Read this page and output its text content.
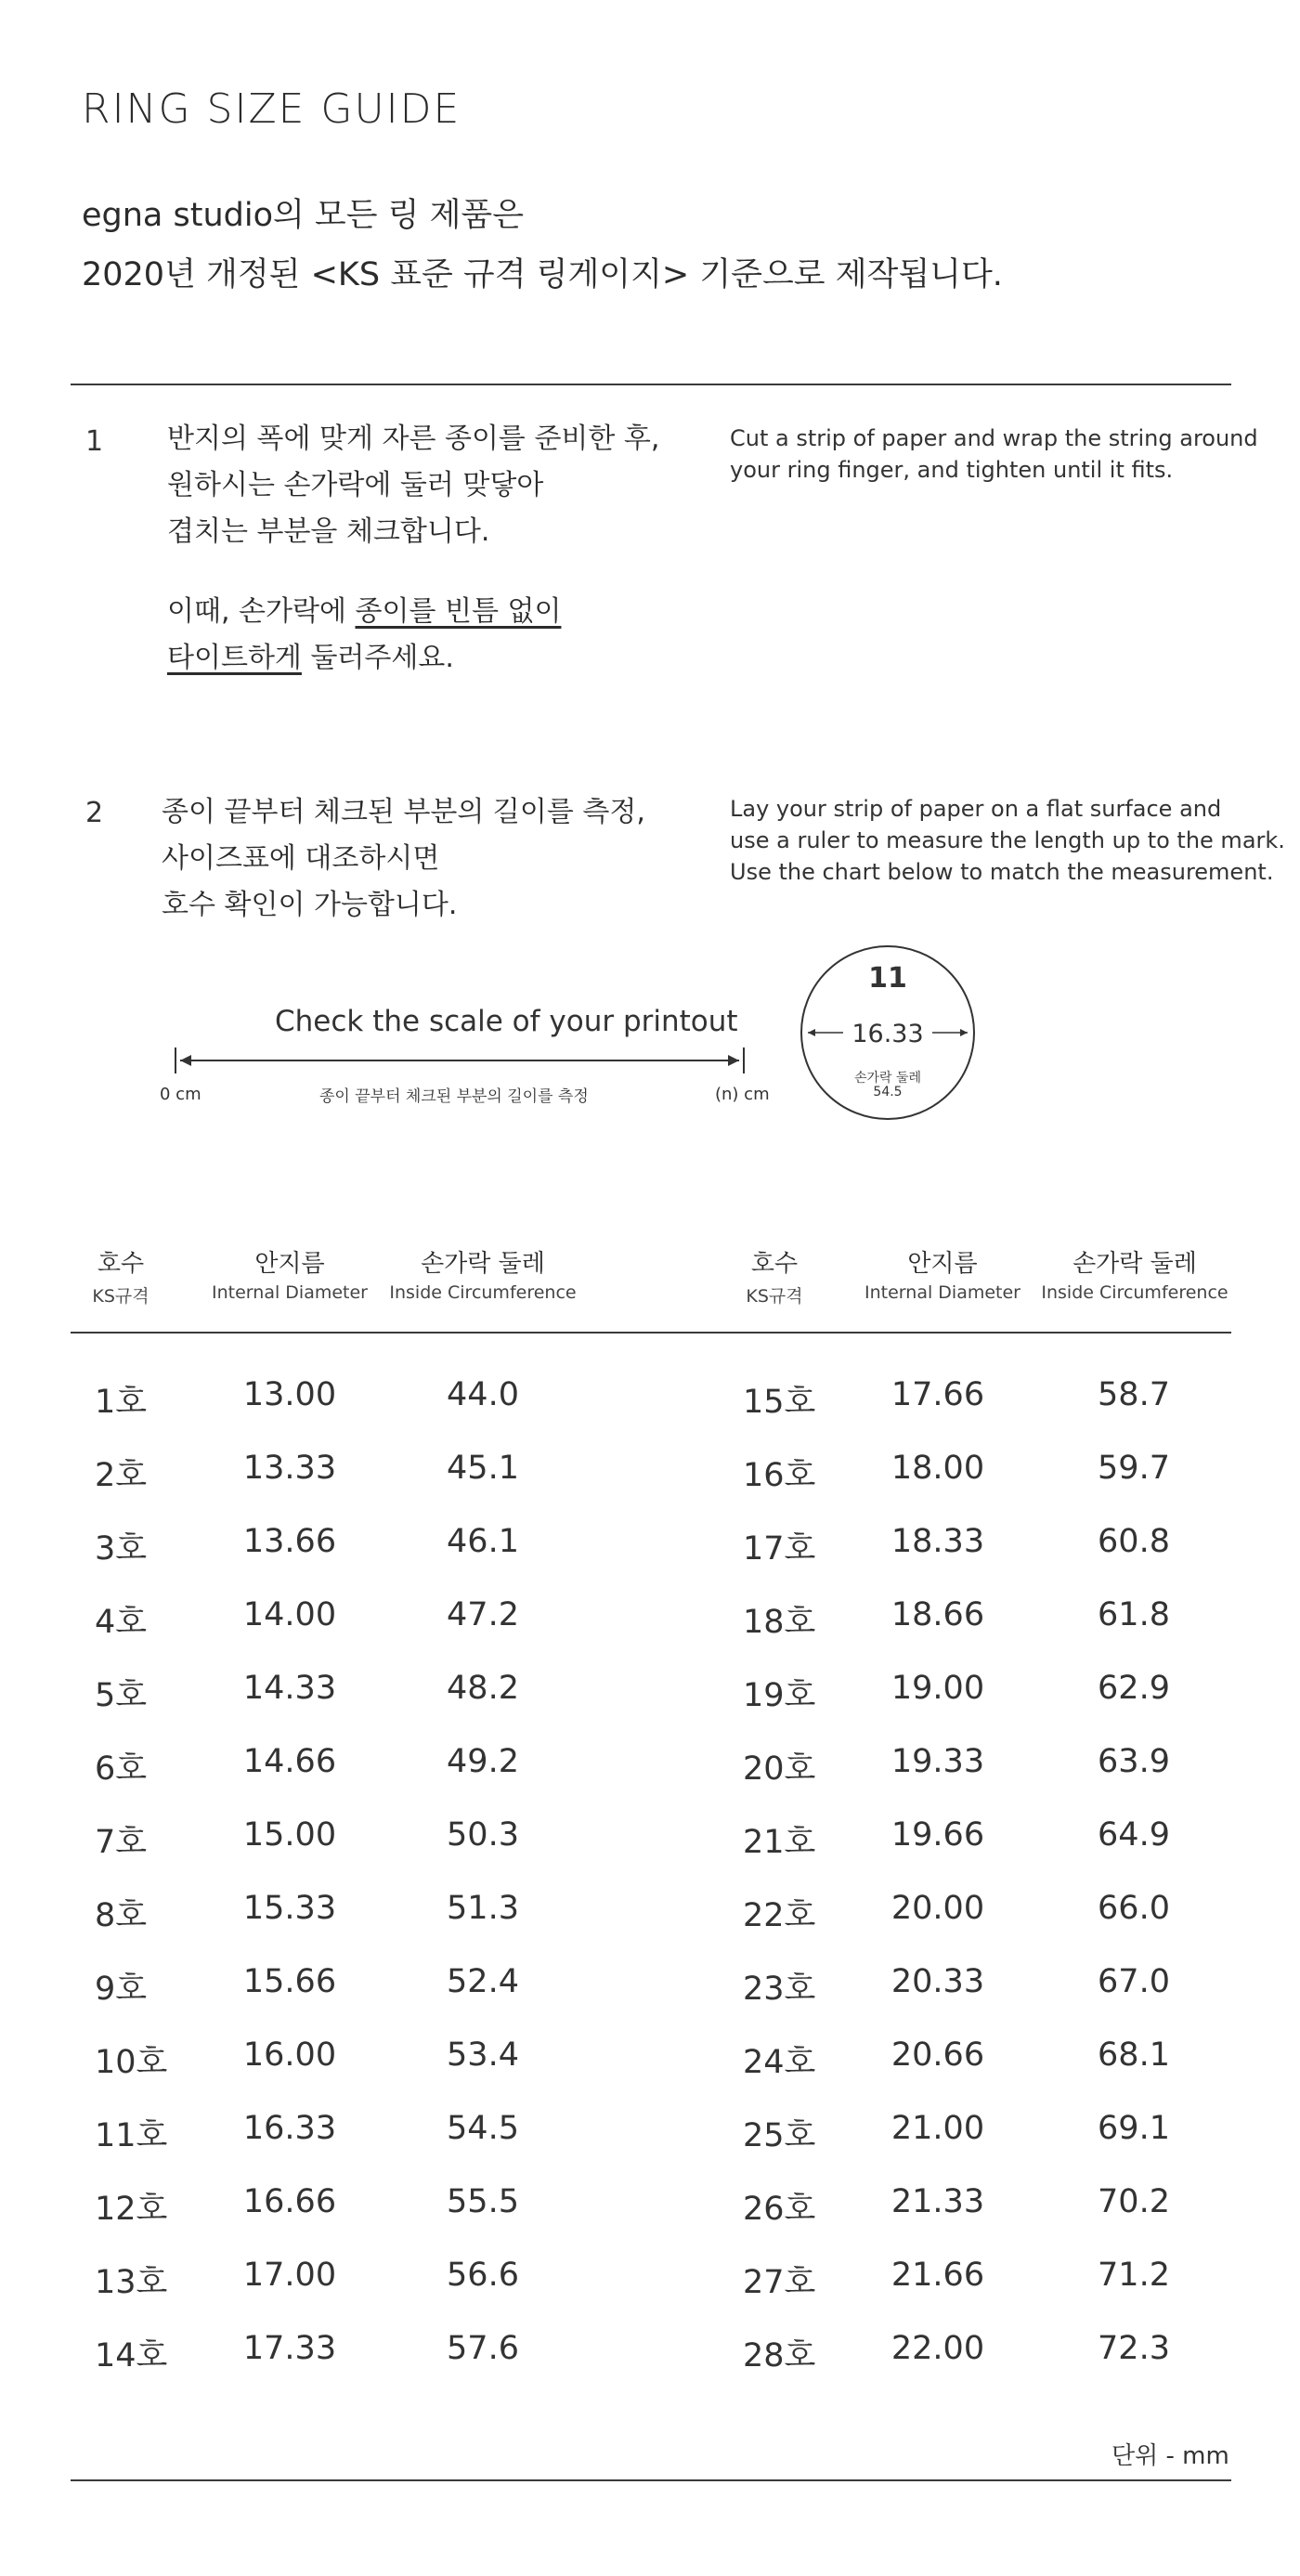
RING SIZE GUIDE
egna studio의 모든 링 제품은
2020년 개정된 <KS 표준 규격 링게이지> 기준으로 제작됩니다.
1 반지의 폭에 맞게 자른 종이를 준비한 후,
원하시는 손가락에 둘러 맞닿아
겹치는 부분을 체크합니다.
이때, 손가락에 종이를 빈틈 없이
타이트하게 둘러주세요.
Cut a strip of paper and wrap the string around
your ring finger, and tighten until it fits.
2 종이 끝부터 체크된 부분의 길이를 측정,
사이즈표에 대조하시면
호수 확인이 가능합니다.
Lay your strip of paper on a flat surface and
use a ruler to measure the length up to the mark.
Use the chart below to match the measurement.
Check the scale of your printout
0 cm	종이 끝부터 체크된 부분의 길이를 측정	(n) cm
11
16.33
손가락 둘레
54.5
호수
KS규격
안지름
Internal Diameter
손가락 둘레
Inside Circumference
호수
KS규격
안지름
Internal Diameter
손가락 둘레
Inside Circumference
1호	13.00	44.0
2호	13.33	45.1
3호	13.66	46.1
4호	14.00	47.2
5호	14.33	48.2
6호	14.66	49.2
7호	15.00	50.3
8호	15.33	51.3
9호	15.66	52.4
10호	16.00	53.4
11호	16.33	54.5
12호	16.66	55.5
13호	17.00	56.6
14호	17.33	57.6
15호	17.66	58.7
16호	18.00	59.7
17호	18.33	60.8
18호	18.66	61.8
19호	19.00	62.9
20호	19.33	63.9
21호	19.66	64.9
22호	20.00	66.0
23호	20.33	67.0
24호	20.66	68.1
25호	21.00	69.1
26호	21.33	70.2
27호	21.66	71.2
28호	22.00	72.3
단위 - mm
